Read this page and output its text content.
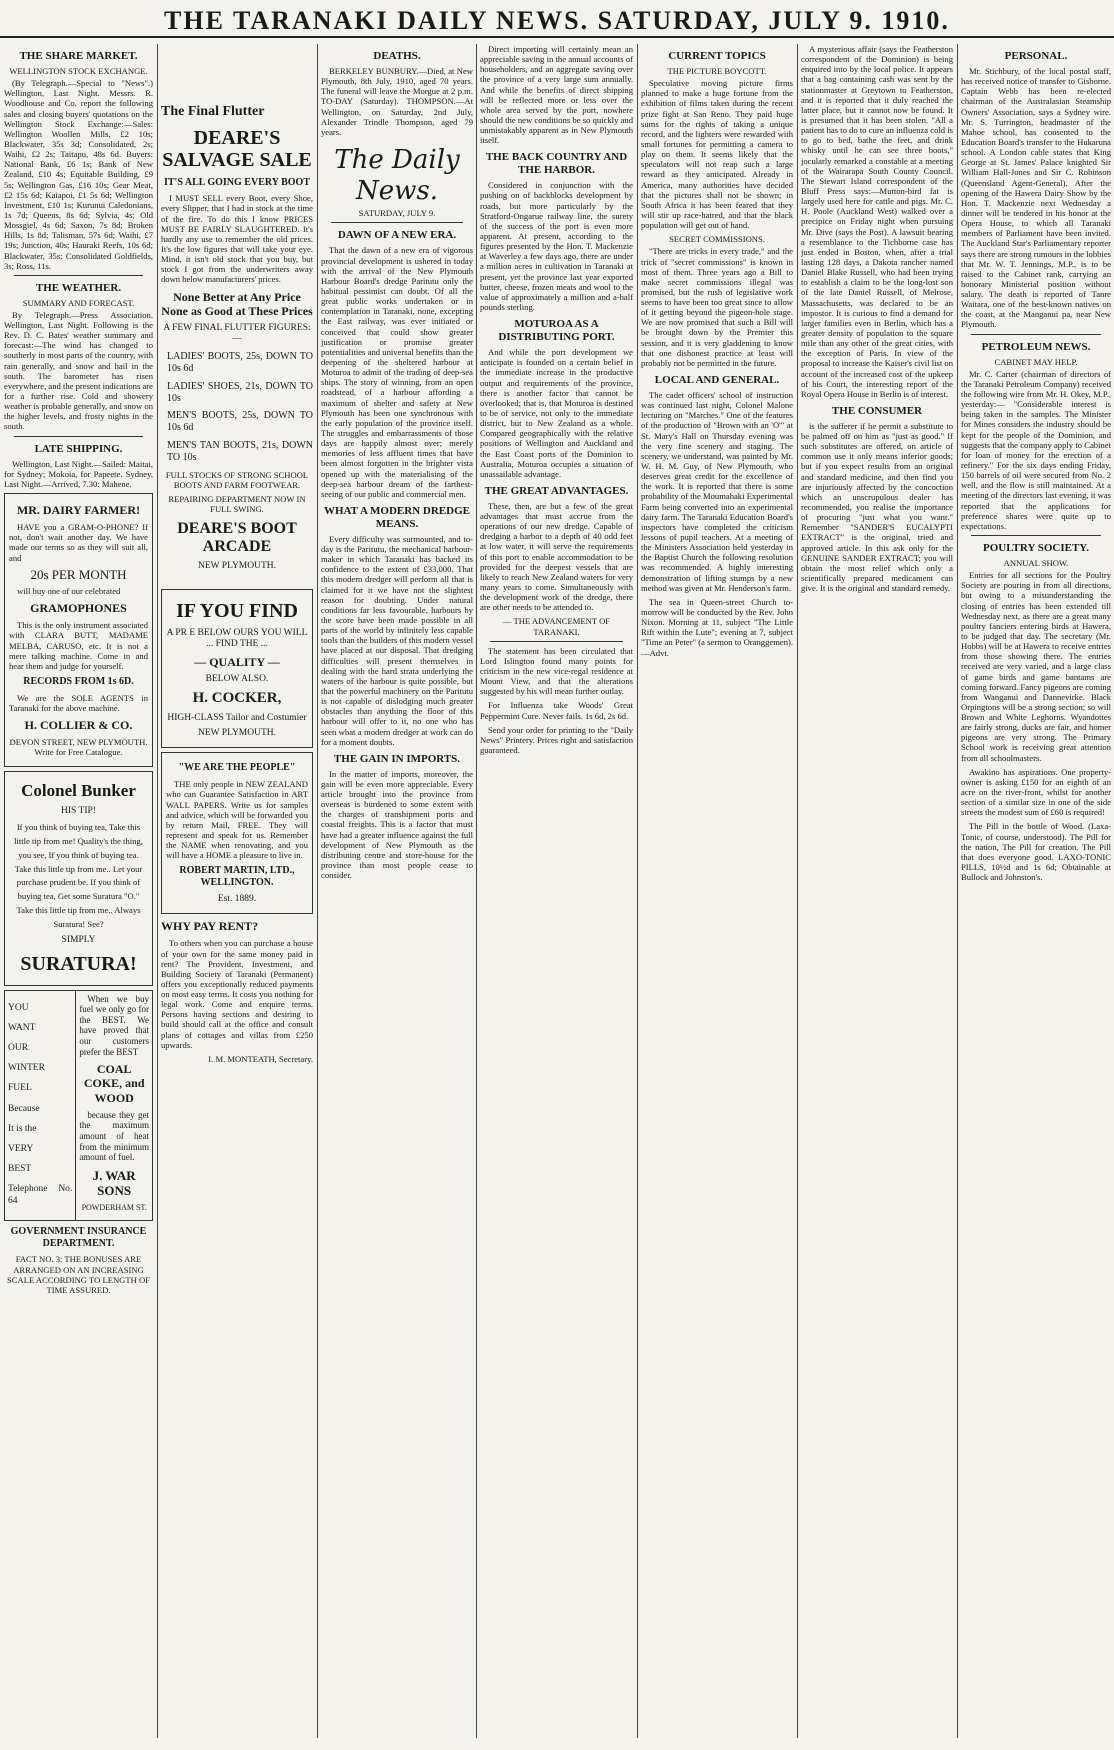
THE TARANAKI DAILY NEWS. SATURDAY, JULY 9. 1910.
THE SHARE MARKET.
WELLINGTON STOCK EXCHANGE.

(By Telegraph.—Special to "News".) Wellington, Last Night. Messrs. R. Woodhouse and Co. report the following sales and closing buyers' quotations on the Wellington Stock Exchange:—Sales: Wellington Woollen Mills, £2 10s; Blackwater, 35s 3d; Consolidated, 2s; Waihi, £2 2s; Taitapu, 48s 6d. Buyers: National Bank, £6 1s; Bank of New Zealand, £10 4s; Equitable Building, £9 5s; Wellington Gas, £16 10s; Gear Meat, £2 15s 6d; Kaiapoi, £1 5s 6d; Wellington Investment, £10 1s; Kurunui Caledonians, 1s 7d; Queens, 8s 6d; Sylvia, 4s; Old Mossgiel, 4s 6d; Saxon, 7s 8d; Broken Hills, 1s 8d; Talisman, 57s 6d; Waihi, £7 19s; Junction, 40s; Hauraki Reefs, 10s 6d; Blackwater, 35s; Consolidated Goldfields, 3s; Ross, 11s.

THE WEATHER.
SUMMARY AND FORECAST.

By Telegraph.—Press Association. Wellington, Last Night. Following is the Rev. D. C. Bates' weather summary and forecast:—The wind has changed to southerly in most parts of the country, with rain generally, and snow and hail in the south. The barometer has risen everywhere, and the present indications are for a further rise. Cold and showery weather is probable generally, and snow on the higher levels, and frosty nights in the south.

LATE SHIPPING.

Wellington, Last Night.—Sailed: Maitai, for Sydney; Mokoia, for Papeete. Sydney, Last Night.—Arrived, 7.30: Mahene.

MR. DAIRY FARMER!

HAVE you a GRAM-O-PHONE? If not, don't wait another day. We have made our terms so as they will suit all, and

20s PER MONTH

will buy one of our celebrated

GRAMOPHONES

This is the only instrument associated with CLARA BUTT, MADAME MELBA, CARUSO, etc. It is not a mere talking machine. Come in and hear them and judge for yourself.

RECORDS FROM 1s 6D.

We are the SOLE AGENTS in Taranaki for the above machine.

H. COLLIER & CO.
DEVON STREET, NEW PLYMOUTH. Write for Free Catalogue.
Colonel Bunker
HIS TIP!

If you think of buying tea, Take this little tip from me! Quality's the thing, you see, If you think of buying tea. Take this little tip from me.. Let your purchase prudent be. If you think of buying tea, Get some Suratura "O." Take this little tip from me.. Always Suratura! See?

SIMPLY
SURATURA!
YOU
WANT
OUR
WINTER
FUEL
Because
It is the
VERY
BEST
Telephone No. 64

When we buy fuel we only go for the BEST. We have proved that our customers prefer the BEST

COAL COKE, and WOOD

because they get the maximum amount of heat from the minimum amount of fuel.

J. WAR SONS
POWDERHAM ST.
GOVERNMENT INSURANCE DEPARTMENT.
FACT NO. 3: THE BONUSES ARE ARRANGED ON AN INCREASING SCALE ACCORDING TO LENGTH OF TIME ASSURED.
The Final Flutter
DEARE'S SALVAGE SALE
IT'S ALL GOING EVERY BOOT

I MUST SELL every Boot, every Shoe, every Slipper, that I had in stock at the time of the fire. To do this I know PRICES MUST BE FAIRLY SLAUGHTERED. It's hardly any use to remember the old prices. It's the low figures that will take your eye. Mind, it isn't old stock that you buy, but stock I got from the underwriters away down below manufacturers' prices.

None Better at Any Price None as Good at These Prices
A FEW FINAL FLUTTER FIGURES:—
LADIES' BOOTS, 25s, DOWN TO 10s 6d
LADIES' SHOES, 21s, DOWN TO 10s
MEN'S BOOTS, 25s, DOWN TO 10s 6d
MEN'S TAN BOOTS, 21s, DOWN TO 10s
FULL STOCKS OF STRONG SCHOOL BOOTS AND FARM FOOTWEAR.
REPAIRING DEPARTMENT NOW IN FULL SWING.
DEARE'S BOOT ARCADE
NEW PLYMOUTH.
IF YOU FIND
A PR E BELOW OURS YOU WILL ... FIND THE ...
— QUALITY —
BELOW ALSO.
H. COCKER,
HIGH-CLASS Tailor and Costumier
NEW PLYMOUTH.
"WE ARE THE PEOPLE"

THE only people in NEW ZEALAND who can Guarantee Satisfaction in ART WALL PAPERS. Write us for samples and advice, which will be forwarded you by return Mail, FREE. They will represent and speak for us. Remember the NAME when renovating, and you will have a HOME a pleasure to live in.

ROBERT MARTIN, LTD., WELLINGTON.
Est. 1889.
WHY PAY RENT?

To others when you can purchase a house of your own for the same money paid in rent? The Provident, Investment, and Building Society of Taranaki (Permanent) offers you exceptionally reduced payments on most easy terms. It costs you nothing for legal work. Come and enquire terms. Persons having sections and desiring to build should call at the office and consult plans of cottages and villas from £250 upwards.

I. M. MONTEATH, Secretary.
DEATHS.

BERKELEY BUNBURY.—Died, at New Plymouth, 8th July, 1910, aged 70 years. The funeral will leave the Morgue at 2 p.m. TO-DAY (Saturday). THOMPSON.—At Wellington, on Saturday, 2nd July, Alexander Trindle Thompson, aged 79 years.

The Daily News.
SATURDAY, JULY 9.
DAWN OF A NEW ERA.

That the dawn of a new era of vigorous provincial development is ushered in today with the arrival of the New Plymouth Harbour Board's dredge Paritutu only the habitual pessimist can doubt. Of all the great public works undertaken or in contemplation in Taranaki, none, excepting the East railway, was ever initiated or conceived that could show greater justification or promise greater potentialities and universal benefits than the deepening of the sheltered harbour at Moturoa to admit of the trading of deep-sea ships. The story of winning, from an open roadstead, of a harbour affording a maximum of shelter and safety at New Plymouth has been one synchronous with the early population of the province itself. The struggles and embarrassments of those days are happily almost over; merely memories of less affluent times that have been almost forgotten in the brighter vista opened up with the materialising of the deep-sea harbour dream of the farthest-seeing of our public and commercial men.

WHAT A MODERN DREDGE MEANS.

Every difficulty was surmounted, and to-day is the Paritutu, the mechanical harbour-maker in which Taranaki has backed its confidence to the extent of £33,000. That this modern dredger will perform all that is claimed for it we have not the slightest reason for doubting. Under natural conditions far less favourable, harbours by the score have been made possible in all parts of the world by infinitely less capable tools than the builders of this modern vessel have placed at our disposal. That dredging difficulties will present themselves in dealing with the hard strata underlying the waters of the harbour is quite possible, but that the powerful machinery on the Paritutu is not capable of dislodging much greater obstacles than anything the floor of this harbour will offer to it, no one who has seen what a modern dredger at work can do for a moment doubts.

THE GAIN IN IMPORTS.

In the matter of imports, moreover, the gain will be even more appreciable. Every article brought into the province from overseas is burdened to some extent with the charges of transhipment ports and coastal freights. This is a factor that must have had a greater influence against the full development of New Plymouth as the distributing centre and store-house for the province than most people cease to consider.

Direct importing will certainly mean an appreciable saving in the annual accounts of householders, and an aggregate saving over the province of a very large sum annually. And while the benefits of direct shipping will be reflected more or less over the whole area served by the port, nowhere should the new conditions be so quickly and unmistakably apparent as in New Plymouth itself.

THE BACK COUNTRY AND THE HARBOR.

Considered in conjunction with the pushing on of backblocks development by roads, but more particularly by the Stratford-Ongarue railway line, the surety of the success of the port is even more apparent. At present, according to the figures presented by the Hon. T. Mackenzie at Waverley a few days ago, there are under a million acres in cultivation in Taranaki at present, yet the province last year exported butter, cheese, frozen meats and wool to the value of approximately a million and a-half pounds sterling.

MOTUROA AS A DISTRIBUTING PORT.

And while the port development we anticipate is founded on a certain belief in the immediate increase in the productive output and requirements of the province, there is another factor that cannot be overlooked; that is, that Moturoa is destined to be of service, not only to the immediate district, but to New Zealand as a whole. Compared geographically with the relative positions of Wellington and Auckland and the East Coast ports of the Dominion to Australia, Moturoa occupies a situation of unassailable advantage.

THE GREAT ADVANTAGES.

These, then, are but a few of the great advantages that must accrue from the operations of our new dredge. Capable of dredging a harbor to a depth of 40 odd feet at low water, it will serve the requirements of this port to enable accommodation to be provided for the deepest vessels that are likely to reach New Zealand waters for very many years to come. Simultaneously with the development work of the dredge, there are other needs to be attended to.

— THE ADVANCEMENT OF TARANAKI.

The statement has been circulated that Lord Islington found many points for criticism in the new vice-regal residence at Mount View, and that the alterations suggested by his will mean further outlay.

For Influenza take Woods' Great Peppermint Cure. Never fails. 1s 6d, 2s 6d.

Send your order for printing to the "Daily News" Printery. Prices right and satisfaction guaranteed.

CURRENT TOPICS
THE PICTURE BOYCOTT.

Speculative moving picture firms planned to make a huge fortune from the exhibition of films taken during the recent prize fight at San Reno. They paid huge sums for the rights of taking a unique record, and the lighters were rewarded with small fortunes for permitting a camera to play on them. It seems likely that the speculators will not reap such a large reward as they anticipated. Already in America, many authorities have decided that the pictures shall not be shown; in South Africa it has been feared that they will stir up race-hatred, and that the black population will get out of hand.

SECRET COMMISSIONS.

"There are tricks in every trade," and the trick of "secret commissions" is known in most of them. Three years ago a Bill to make secret commissions illegal was promised, but the rush of legislative work seems to have been too great since to allow of it getting beyond the pigeon-hole stage. We are now promised that such a Bill will be brought down by the Premier this session, and it is very gladdening to know that one dishonest practice at least will probably not be permitted in the future.

LOCAL AND GENERAL.

The cadet officers' school of instruction was continued last night, Colonel Malone lecturing on "Marches." One of the features of the production of "Brown with an 'O'" at St. Mary's Hall on Thursday evening was the very fine scenery and staging. The scenery, we understand, was painted by Mr. W. H. M. Guy, of New Plymouth, who deserves great credit for the excellence of the work. It is reported that there is some probability of the Moumahaki Experimental Farm being converted into an experimental dairy farm. The Taranaki Education Board's inspectors have completed the criticism lessons of pupil teachers. At a meeting of the Ministers Association held yesterday in the Baptist Church the following resolution was recommended. A highly interesting demonstration of lifting stumps by a new method was given at Mr. Henderson's farm.

The sea in Queen-street Church to-morrow will be conducted by the Rev. John Nixon. Morning at 11, subject "The Little Rift within the Lute"; evening at 7, subject "Time an Peter" (a sermon to Oranggemen).—Advt.

A mysterious affair (says the Featherston correspondent of the Dominion) is being enquired into by the local police. It appears that a bag containing cash was sent by the stationmaster at Greytown to Featherston, and it is reported that it duly reached the latter place, but it cannot now be found. It is presumed that it has been stolen. "All a patient has to do to cure an influenza cold is to go to bed, bathe the feet, and drink whisky until he can see three boots," jocularly remarked a constable at a meeting of the Wairarapa South County Council. The Stewart Island correspondent of the Bluff Press says:—Mutton-bird fat is largely used here for cattle and pigs. Mr. C. H. Poole (Auckland West) walked over a precipice on Friday night when pursuing Mr. Dive (says the Post). A lawsuit bearing a resemblance to the Tichborne case has just ended in Boston, when, after a trial lasting 128 days, a Dakota rancher named Daniel Blake Russell, who had been trying to establish a claim to be the long-lost son of the late Daniel Russell, of Melrose, Massachusetts, was declared to be an impostor. It is curious to find a demand for larger families even in Berlin, which has a greater density of population to the square mile than any other of the great cities, with the exception of Paris. In view of the proposal to increase the Kaiser's civil list on account of the increased cost of the upkeep of his Court, the interesting report of the Royal Opera House in Berlin is of interest.

THE CONSUMER

is the sufferer if he permit a substitute to be palmed off on him as "just as good." If such substitutes are offered, on article of common use it only means inferior goods; but if you expect results from an original and standard medicine, and then find you are injuriously affected by the concoction which an unscrupulous dealer has recommended, you realise the importance of procuring "just what you want." Remember "SANDER'S EUCALYPTI EXTRACT" is the original, tried and approved article. In this ask only for the GENUINE SANDER EXTRACT; you will obtain the most relief which only a scientifically prepared medicament can give. It is the original and standard remedy.

PERSONAL.

Mr. Stichbury, of the local postal staff, has received notice of transfer to Gisborne. Captain Webb has been re-elected chairman of the Australasian Steamship Owners' Association, says a Sydney wire. Mr. S. Turrington, headmaster of the Mahoe school, has consented to the Education Board's transfer to the Hukaruna school. A London cable states that King George at St. James' Palace knighted Sir William Hall-Jones and Sir C. Robinson (Queensland Agent-General). After the opening of the Hawera Dairy Show by the Hon. T. Mackenzie next Wednesday a dinner will be tendered in his honor at the Opera House, to which all Taranaki members of Parliament have been invited. The Auckland Star's Parliamentary reporter says there are strong rumours in the lobbies that Mr. W. T. Jennings, M.P., is to be raised to the Cabinet rank, carrying an honorary Ministerial position without salary. The death is reported of Tanre Waitara, one of the best-known natives on the coast, at the Manganui pa, near New Plymouth.

PETROLEUM NEWS.
CABINET MAY HELP.

Mr. C. Carter (chairman of directors of the Taranaki Petroleum Company) received the following wire from Mr. H. Okey, M.P., yesterday:— "Considerable interest is being taken in the samples. The Minister for Mines considers the industry should be kept for the people of the Dominion, and suggests that the company apply to Cabinet for loan of money for the erection of a refinery." For the six days ending Friday, 150 barrels of oil were secured from No. 2 well, and the flow is still maintained. At a meeting of the directors last evening, it was reported that the applications for preference shares were quite up to expectations.

POULTRY SOCIETY.
ANNUAL SHOW.

Entries for all sections for the Poultry Society are pouring in from all directions, but owing to a misunderstanding the closing of entries has been extended till Wednesday next, as there are a great many poultry fanciers entering birds at Hawera, to be judged that day. The secretary (Mr. Hobbs) will be at Hawera to receive entries from those showing there. The entries received are very varied, and a large class of game birds and game bantams are coming forward. Fancy pigeons are coming from Wanganui and Dannevirke. Black Orpingtons will be a strong section; so will Brown and White Leghorns. Wyandottes are fairly strong, ducks are fair, and homer pigeons are very strong. The Primary School work is receiving great attention from all schoolmasters.

Awakino has aspirations. One property-owner is asking £150 for an eighth of an acre on the river-front, whilst for another section of a similar size in one of the side streets the modest sum of £60 is required!

The Pill in the bottle of Wood. (Laxa-Tonic, of course, understood). The Pill for the nation, The Pill for creation. The Pill that does everyone good. LAXO-TONIC PILLS, 10½d and 1s 6d; Obtainable at Bullock and Johnston's.
